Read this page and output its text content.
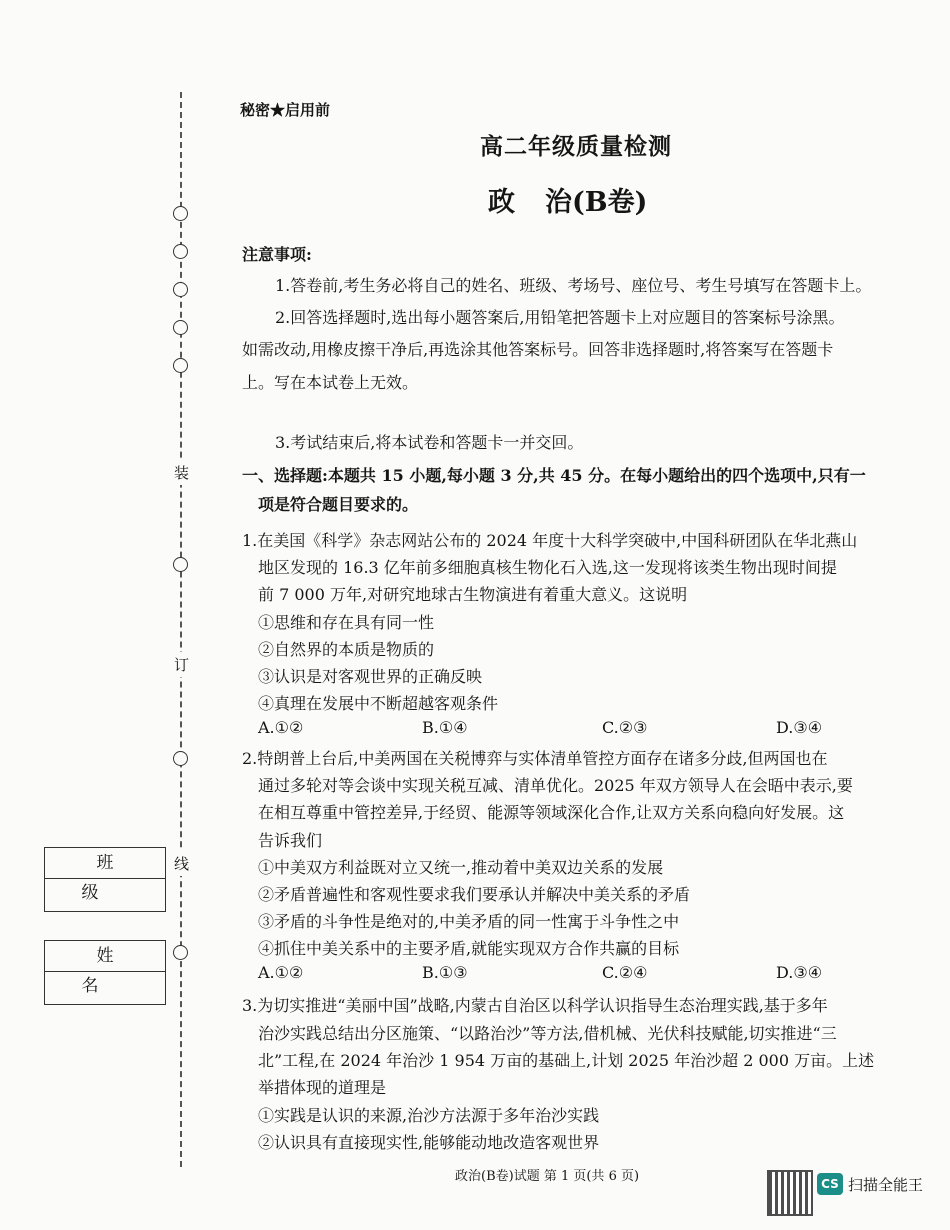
装
订
线
班 级
姓 名
秘密★启用前
高二年级质量检测
政 治(B卷)
注意事项:
1.答卷前,考生务必将自己的姓名、班级、考场号、座位号、考生号填写在答题卡上。
2.回答选择题时,选出每小题答案后,用铅笔把答题卡上对应题目的答案标号涂黑。
如需改动,用橡皮擦干净后,再选涂其他答案标号。回答非选择题时,将答案写在答题卡
上。写在本试卷上无效。
3.考试结束后,将本试卷和答题卡一并交回。
一、选择题:本题共 15 小题,每小题 3 分,共 45 分。在每小题给出的四个选项中,只有一
项是符合题目要求的。
1.在美国《科学》杂志网站公布的 2024 年度十大科学突破中,中国科研团队在华北燕山
地区发现的 16.3 亿年前多细胞真核生物化石入选,这一发现将该类生物出现时间提
前 7 000 万年,对研究地球古生物演进有着重大意义。这说明
①思维和存在具有同一性
②自然界的本质是物质的
③认识是对客观世界的正确反映
④真理在发展中不断超越客观条件
A.①②	B.①④	C.②③	D.③④
2.特朗普上台后,中美两国在关税博弈与实体清单管控方面存在诸多分歧,但两国也在
通过多轮对等会谈中实现关税互减、清单优化。2025 年双方领导人在会晤中表示,要
在相互尊重中管控差异,于经贸、能源等领域深化合作,让双方关系向稳向好发展。这
告诉我们
①中美双方利益既对立又统一,推动着中美双边关系的发展
②矛盾普遍性和客观性要求我们要承认并解决中美关系的矛盾
③矛盾的斗争性是绝对的,中美矛盾的同一性寓于斗争性之中
④抓住中美关系中的主要矛盾,就能实现双方合作共赢的目标
A.①②	B.①③	C.②④	D.③④
3.为切实推进“美丽中国”战略,内蒙古自治区以科学认识指导生态治理实践,基于多年
治沙实践总结出分区施策、“以路治沙”等方法,借机械、光伏科技赋能,切实推进“三
北”工程,在 2024 年治沙 1 954 万亩的基础上,计划 2025 年治沙超 2 000 万亩。上述
举措体现的道理是
①实践是认识的来源,治沙方法源于多年治沙实践
②认识具有直接现实性,能够能动地改造客观世界
政治(B卷)试题 第 1 页(共 6 页)	CS 扫描全能王
